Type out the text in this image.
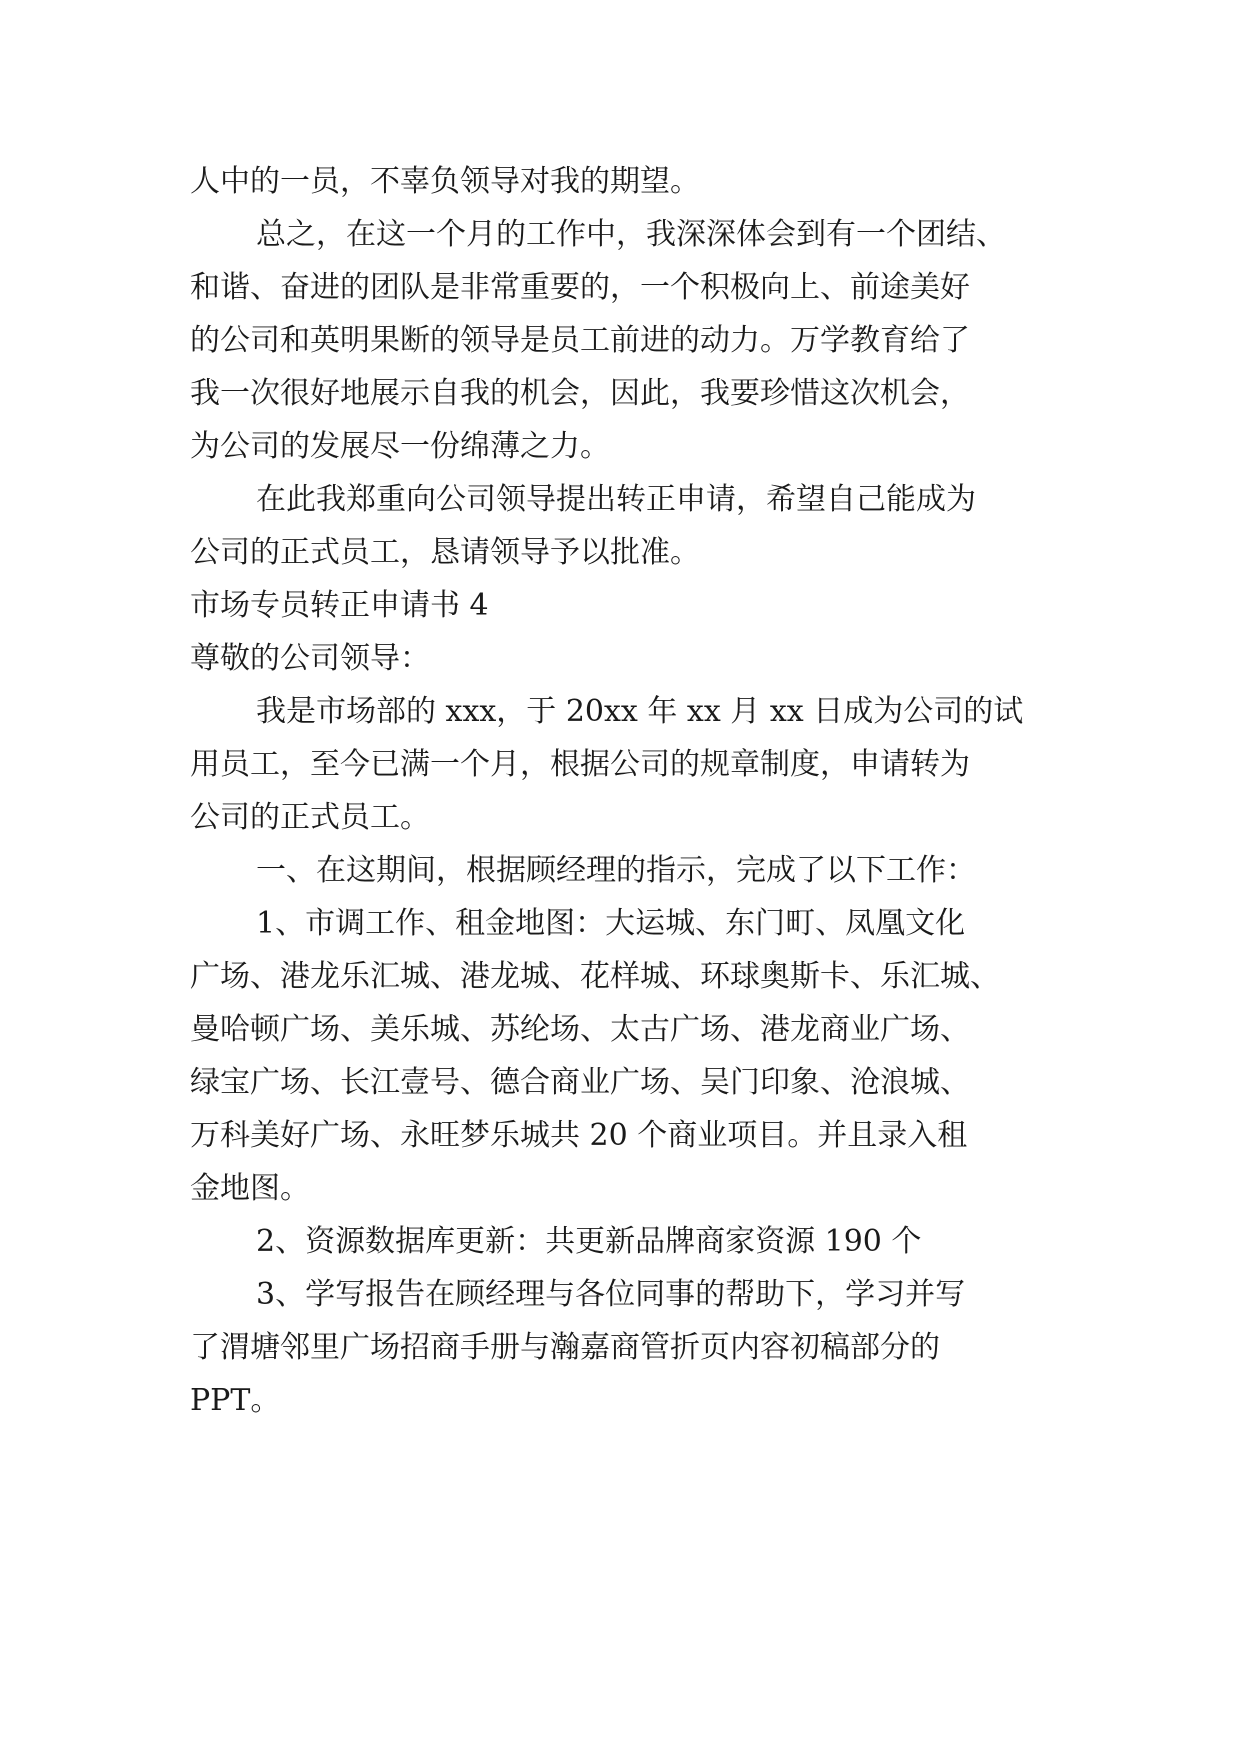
人中的一员，不辜负领导对我的期望。
总之，在这一个月的工作中，我深深体会到有一个团结、
和谐、奋进的团队是非常重要的，一个积极向上、前途美好
的公司和英明果断的领导是员工前进的动力。万学教育给了
我一次很好地展示自我的机会，因此，我要珍惜这次机会，
为公司的发展尽一份绵薄之力。
在此我郑重向公司领导提出转正申请，希望自己能成为
公司的正式员工，恳请领导予以批准。
市场专员转正申请书 4
尊敬的公司领导：
我是市场部的 xxx，于 20xx 年 xx 月 xx 日成为公司的试
用员工，至今已满一个月，根据公司的规章制度，申请转为
公司的正式员工。
一、在这期间，根据顾经理的指示，完成了以下工作：
1、市调工作、租金地图：大运城、东门町、凤凰文化
广场、港龙乐汇城、港龙城、花样城、环球奥斯卡、乐汇城、
曼哈顿广场、美乐城、苏纶场、太古广场、港龙商业广场、
绿宝广场、长江壹号、德合商业广场、吴门印象、沧浪城、
万科美好广场、永旺梦乐城共 20 个商业项目。并且录入租
金地图。
2、资源数据库更新：共更新品牌商家资源 190 个
3、学写报告在顾经理与各位同事的帮助下，学习并写
了渭塘邻里广场招商手册与瀚嘉商管折页内容初稿部分的
PPT。
